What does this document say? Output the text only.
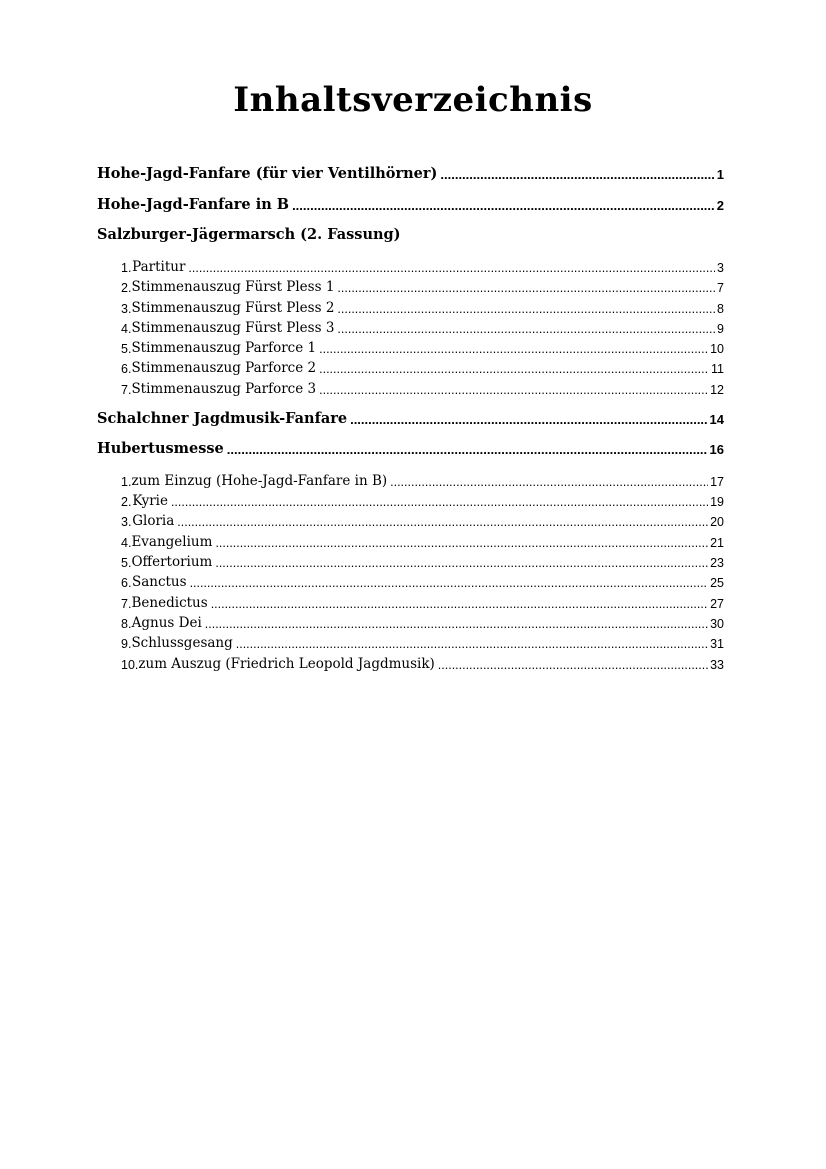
Inhaltsverzeichnis
Hohe-Jagd-Fanfare (für vier Ventilhörner) .....	1
Hohe-Jagd-Fanfare in B .....	2
Salzburger-Jägermarsch (2. Fassung)
1. Partitur .....	3
2. Stimmenauszug Fürst Pless 1 .....	7
3. Stimmenauszug Fürst Pless 2 .....	8
4. Stimmenauszug Fürst Pless 3 .....	9
5. Stimmenauszug Parforce 1 .....	10
6. Stimmenauszug Parforce 2 .....	11
7. Stimmenauszug Parforce 3 .....	12
Schalchner Jagdmusik-Fanfare .....	14
Hubertusmesse .....	16
1. zum Einzug (Hohe-Jagd-Fanfare in B) .....	17
2. Kyrie .....	19
3. Gloria .....	20
4. Evangelium .....	21
5. Offertorium .....	23
6. Sanctus .....	25
7. Benedictus .....	27
8. Agnus Dei .....	30
9. Schlussgesang .....	31
10. zum Auszug (Friedrich Leopold Jagdmusik) .....	33
